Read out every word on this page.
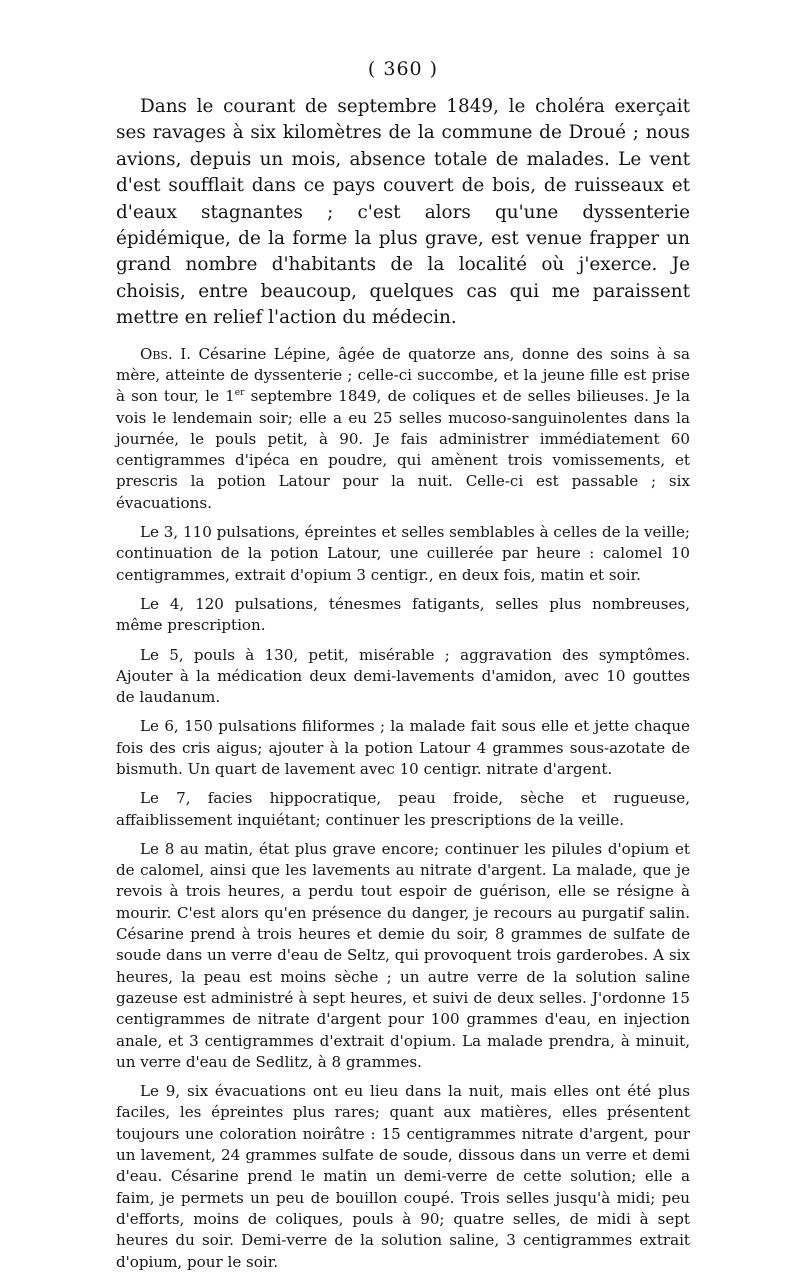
( 360 )

Dans le courant de septembre 1849, le choléra exerçait ses ravages à six kilomètres de la commune de Droué ; nous avions, depuis un mois, absence totale de malades. Le vent d'est soufflait dans ce pays couvert de bois, de ruisseaux et d'eaux stagnantes ; c'est alors qu'une dyssenterie épidémique, de la forme la plus grave, est venue frapper un grand nombre d'habitants de la localité où j'exerce. Je choisis, entre beaucoup, quelques cas qui me paraissent mettre en relief l'action du médecin.

Obs. I. Césarine Lépine, âgée de quatorze ans, donne des soins à sa mère, atteinte de dyssenterie ; celle-ci succombe, et la jeune fille est prise à son tour, le 1er septembre 1849, de coliques et de selles bilieuses. Je la vois le lendemain soir; elle a eu 25 selles mucoso-sanguinolentes dans la journée, le pouls petit, à 90. Je fais administrer immédiatement 60 centigrammes d'ipéca en poudre, qui amènent trois vomissements, et prescris la potion Latour pour la nuit. Celle-ci est passable ; six évacuations.

Le 3, 110 pulsations, épreintes et selles semblables à celles de la veille; continuation de la potion Latour, une cuillerée par heure : calomel 10 centigrammes, extrait d'opium 3 centigr., en deux fois, matin et soir.

Le 4, 120 pulsations, ténesmes fatigants, selles plus nombreuses, même prescription.

Le 5, pouls à 130, petit, misérable ; aggravation des symptômes. Ajouter à la médication deux demi-lavements d'amidon, avec 10 gouttes de laudanum.

Le 6, 150 pulsations filiformes ; la malade fait sous elle et jette chaque fois des cris aigus; ajouter à la potion Latour 4 grammes sous-azotate de bismuth. Un quart de lavement avec 10 centigr. nitrate d'argent.

Le 7, facies hippocratique, peau froide, sèche et rugueuse, affaiblissement inquiétant; continuer les prescriptions de la veille.

Le 8 au matin, état plus grave encore; continuer les pilules d'opium et de calomel, ainsi que les lavements au nitrate d'argent. La malade, que je revois à trois heures, a perdu tout espoir de guérison, elle se résigne à mourir. C'est alors qu'en présence du danger, je recours au purgatif salin. Césarine prend à trois heures et demie du soir, 8 grammes de sulfate de soude dans un verre d'eau de Seltz, qui provoquent trois garderobes. A six heures, la peau est moins sèche ; un autre verre de la solution saline gazeuse est administré à sept heures, et suivi de deux selles. J'ordonne 15 centigrammes de nitrate d'argent pour 100 grammes d'eau, en injection anale, et 3 centigrammes d'extrait d'opium. La malade prendra, à minuit, un verre d'eau de Sedlitz, à 8 grammes.

Le 9, six évacuations ont eu lieu dans la nuit, mais elles ont été plus faciles, les épreintes plus rares; quant aux matières, elles présentent toujours une coloration noirâtre : 15 centigrammes nitrate d'argent, pour un lavement, 24 grammes sulfate de soude, dissous dans un verre et demi d'eau. Césarine prend le matin un demi-verre de cette solution; elle a faim, je permets un peu de bouillon coupé. Trois selles jusqu'à midi; peu d'efforts, moins de coliques, pouls à 90; quatre selles, de midi à sept heures du soir. Demi-verre de la solution saline, 3 centigrammes extrait d'opium, pour le soir.
